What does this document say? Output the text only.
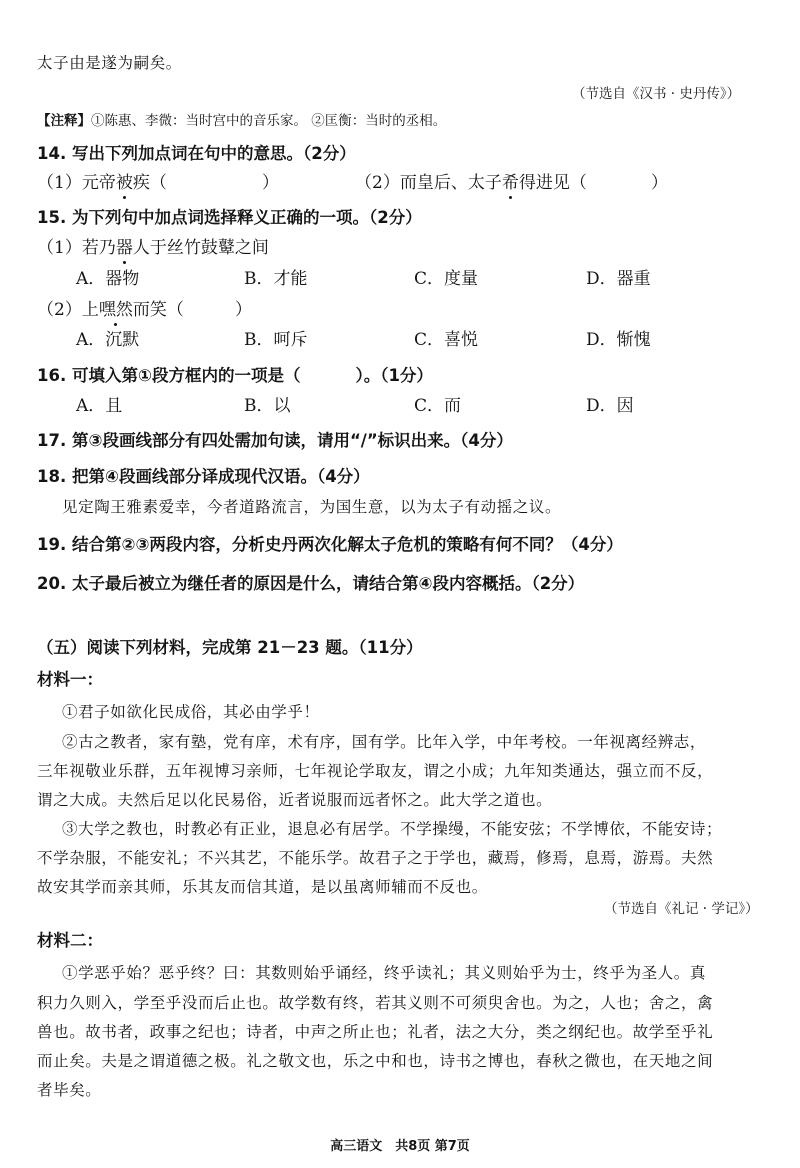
太子由是遂为嗣矣。
（节选自《汉书 · 史丹传》）
【注释】①陈惠、李微：当时宫中的音乐家。 ②匡衡：当时的丞相。
14. 写出下列加点词在句中的意思。（2分）
（1）元帝被疾（	）	（2）而皇后、太子希得进见（	）
15. 为下列句中加点词选择释义正确的一项。（2分）
（1）若乃器人于丝竹鼓鼙之间
A．器物	B．才能	C．度量	D．器重
（2）上嘿然而笑（	）
A．沉默	B．呵斥	C．喜悦	D．惭愧
16. 可填入第①段方框内的一项是（	）。（1分）
A．且	B．以	C．而	D．因
17. 第③段画线部分有四处需加句读，请用“/”标识出来。（4分）
18. 把第④段画线部分译成现代汉语。（4分）
见定陶王雅素爱幸，今者道路流言，为国生意，以为太子有动摇之议。
19. 结合第②③两段内容，分析史丹两次化解太子危机的策略有何不同？（4分）
20. 太子最后被立为继任者的原因是什么，请结合第④段内容概括。（2分）
（五）阅读下列材料，完成第 21－23 题。（11分）
材料一：
①君子如欲化民成俗，其必由学乎！
②古之教者，家有塾，党有庠，术有序，国有学。比年入学，中年考校。一年视离经辨志，
三年视敬业乐群，五年视博习亲师，七年视论学取友，谓之小成；九年知类通达，强立而不反，
谓之大成。夫然后足以化民易俗，近者说服而远者怀之。此大学之道也。
③大学之教也，时教必有正业，退息必有居学。不学操缦，不能安弦；不学博依，不能安诗；
不学杂服，不能安礼；不兴其艺，不能乐学。故君子之于学也，藏焉，修焉，息焉，游焉。夫然
故安其学而亲其师，乐其友而信其道，是以虽离师辅而不反也。
（节选自《礼记 · 学记》）
材料二：
①学恶乎始？恶乎终？曰：其数则始乎诵经，终乎读礼；其义则始乎为士，终乎为圣人。真
积力久则入，学至乎没而后止也。故学数有终，若其义则不可须臾舍也。为之，人也；舍之，禽
兽也。故书者，政事之纪也；诗者，中声之所止也；礼者，法之大分，类之纲纪也。故学至乎礼
而止矣。夫是之谓道德之极。礼之敬文也，乐之中和也，诗书之博也，春秋之微也，在天地之间
者毕矣。
高三语文　共8页 第7页
